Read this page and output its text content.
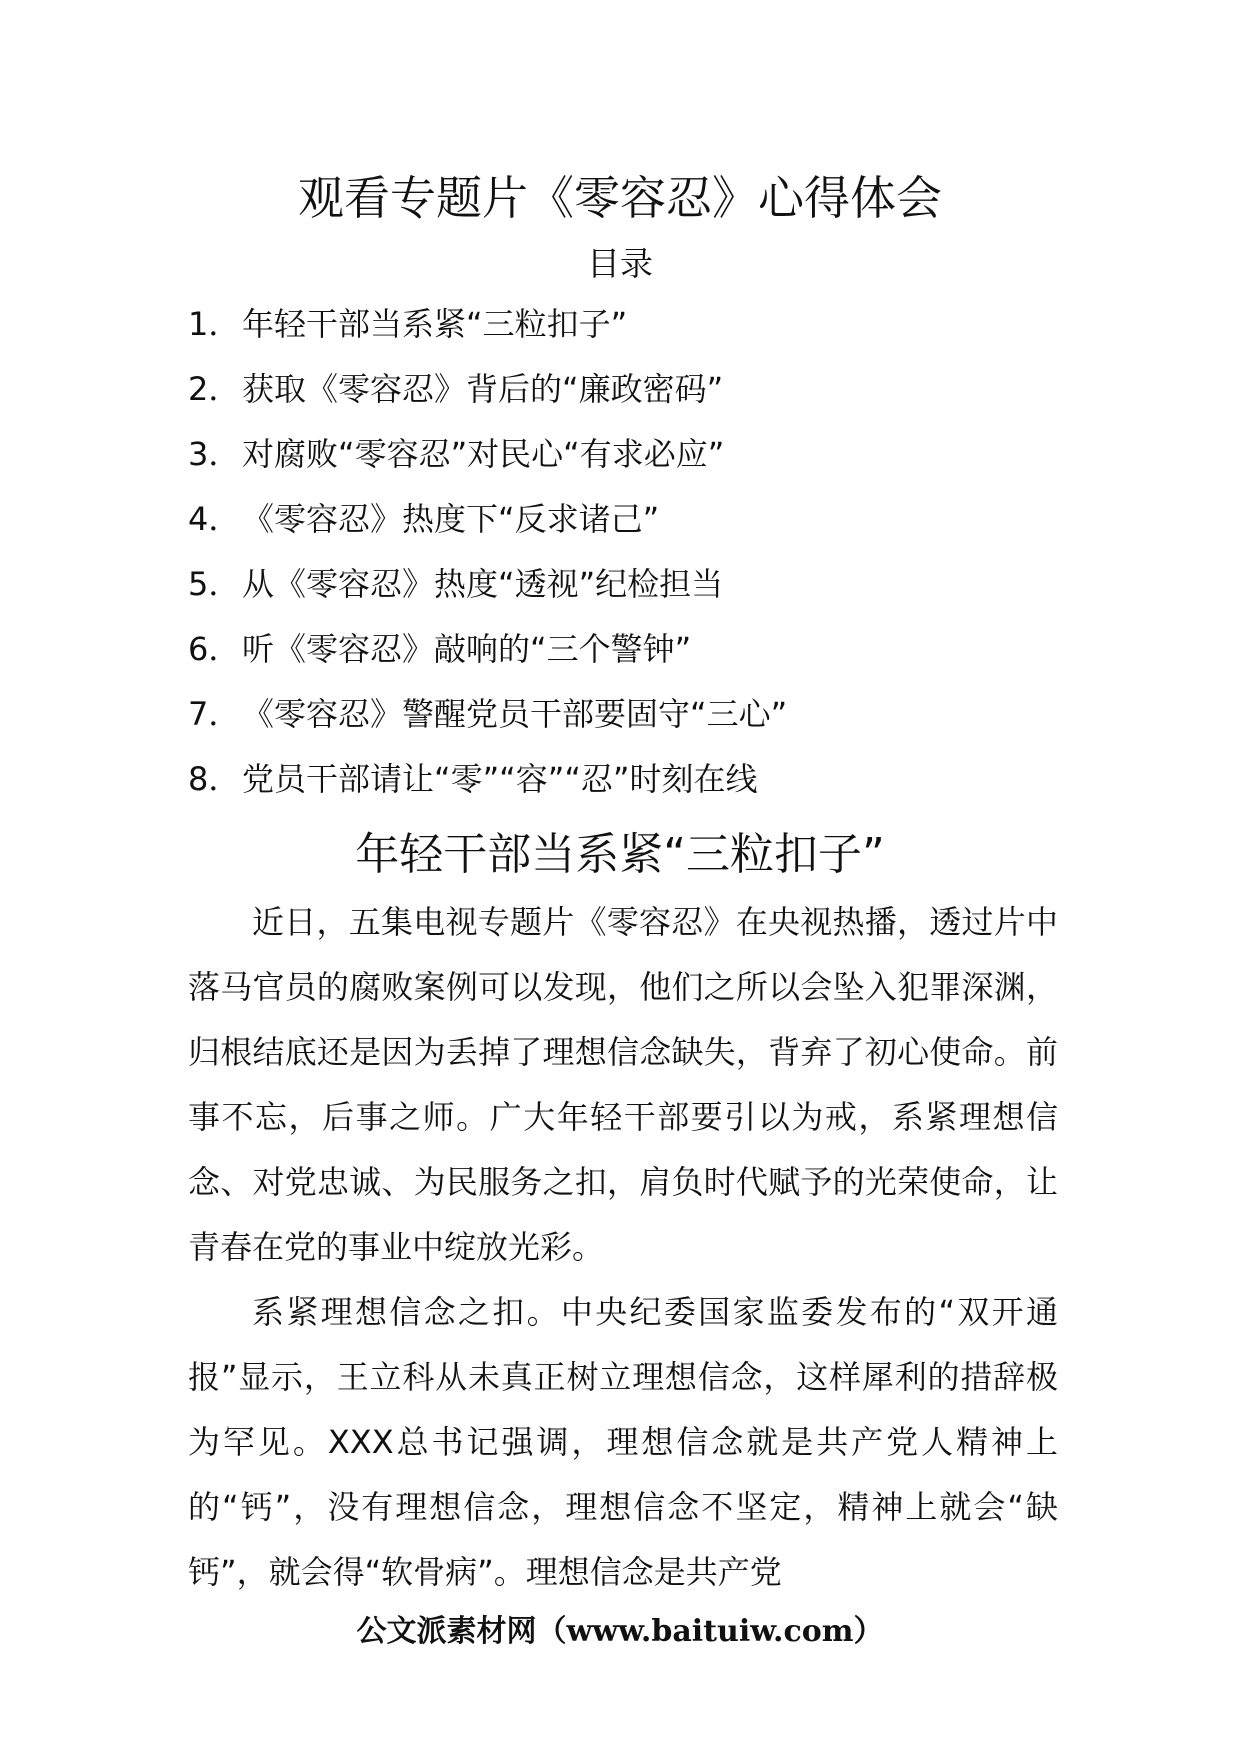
观看专题片《零容忍》心得体会
目录
1．年轻干部当系紧“三粒扣子”
2．获取《零容忍》背后的“廉政密码”
3．对腐败“零容忍”对民心“有求必应”
4．《零容忍》热度下“反求诸己”
5．从《零容忍》热度“透视”纪检担当
6．听《零容忍》敲响的“三个警钟”
7．《零容忍》警醒党员干部要固守“三心”
8．党员干部请让“零”“容”“忍”时刻在线
年轻干部当系紧“三粒扣子”

近日，五集电视专题片《零容忍》在央视热播，透过片中落马官员的腐败案例可以发现，他们之所以会坠入犯罪深渊，归根结底还是因为丢掉了理想信念缺失，背弃了初心使命。前事不忘，后事之师。广大年轻干部要引以为戒，系紧理想信念、对党忠诚、为民服务之扣，肩负时代赋予的光荣使命，让青春在党的事业中绽放光彩。

系紧理想信念之扣。中央纪委国家监委发布的“双开通报”显示，王立科从未真正树立理想信念，这样犀利的措辞极为罕见。XXX总书记强调，理想信念就是共产党人精神上的“钙”，没有理想信念，理想信念不坚定，精神上就会“缺钙”，就会得“软骨病”。理想信念是共产党

公文派素材网（www.baituiw.com）
